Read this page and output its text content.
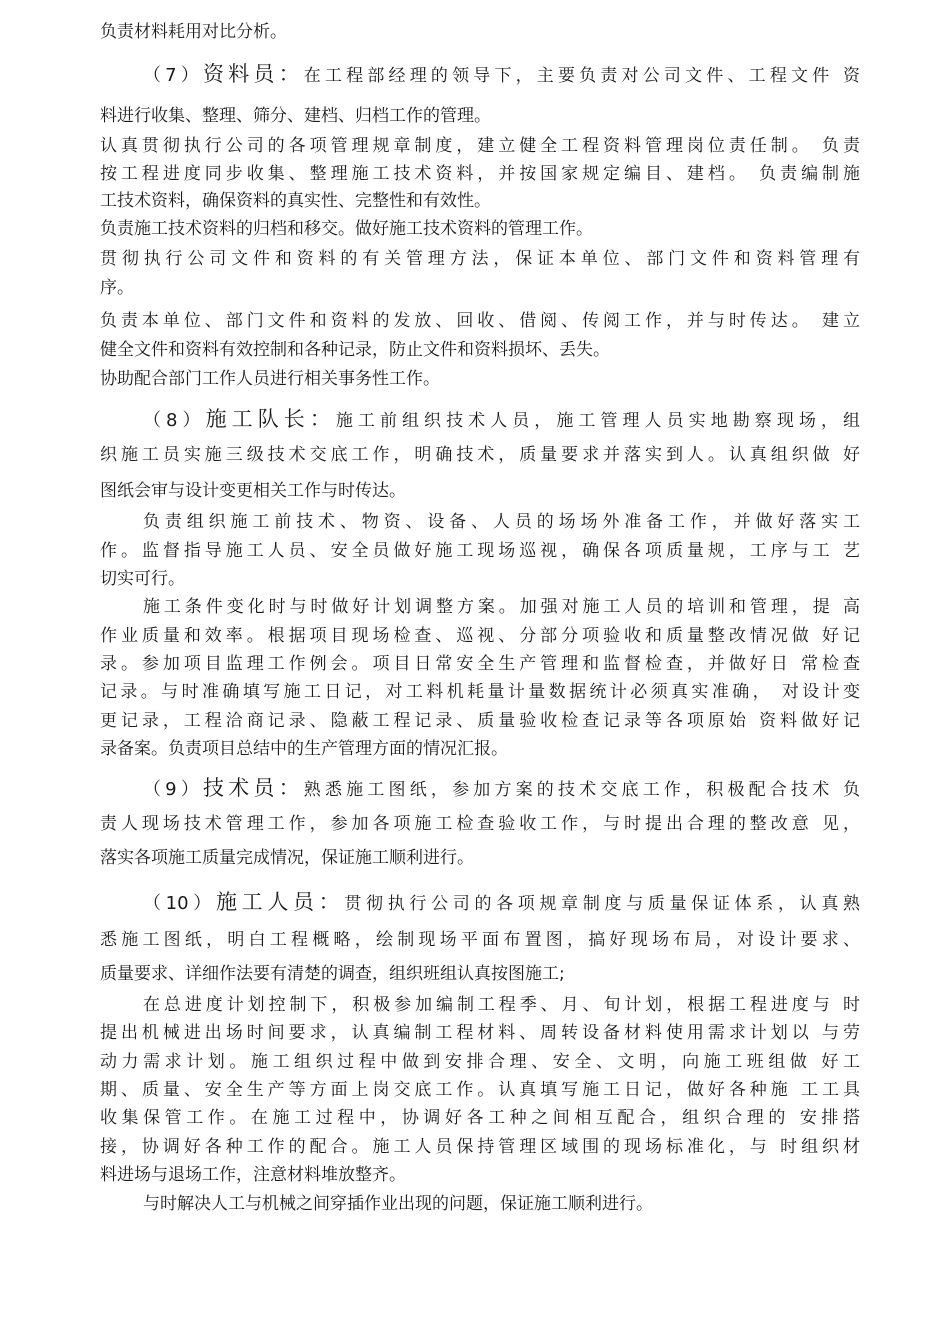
负责材料耗用对比分析。
（7）资料员：在工程部经理的领导下，主要负责对公司文件、工程文件 资
料进行收集、整理、筛分、建档、归档工作的管理。
认真贯彻执行公司的各项管理规章制度，建立健全工程资料管理岗位责任制。 负责
按工程进度同步收集、整理施工技术资料，并按国家规定编目、建档。 负责编制施
工技术资料，确保资料的真实性、完整性和有效性。
负责施工技术资料的归档和移交。做好施工技术资料的管理工作。
贯彻执行公司文件和资料的有关管理方法，保证本单位、部门文件和资料管理有
序。
负责本单位、部门文件和资料的发放、回收、借阅、传阅工作，并与时传达。 建立
健全文件和资料有效控制和各种记录，防止文件和资料损坏、丢失。
协助配合部门工作人员进行相关事务性工作。
（8）施工队长：施工前组织技术人员，施工管理人员实地勘察现场，组
织施工员实施三级技术交底工作，明确技术，质量要求并落实到人。认真组织做 好
图纸会审与设计变更相关工作与时传达。
负责组织施工前技术、物资、设备、人员的场场外准备工作，并做好落实工
作。监督指导施工人员、安全员做好施工现场巡视，确保各项质量规，工序与工 艺
切实可行。
施工条件变化时与时做好计划调整方案。加强对施工人员的培训和管理，提 高
作业质量和效率。根据项目现场检查、巡视、分部分项验收和质量整改情况做 好记
录。参加项目监理工作例会。项目日常安全生产管理和监督检查，并做好日 常检查
记录。与时准确填写施工日记，对工料机耗量计量数据统计必须真实准确， 对设计变
更记录，工程洽商记录、隐蔽工程记录、质量验收检查记录等各项原始 资料做好记
录备案。负责项目总结中的生产管理方面的情况汇报。
（9）技术员：熟悉施工图纸，参加方案的技术交底工作，积极配合技术 负
责人现场技术管理工作，参加各项施工检查验收工作，与时提出合理的整改意 见，
落实各项施工质量完成情况，保证施工顺利进行。
（10）施工人员：贯彻执行公司的各项规章制度与质量保证体系，认真熟
悉施工图纸，明白工程概略，绘制现场平面布置图，搞好现场布局，对设计要求、
质量要求、详细作法要有清楚的调查，组织班组认真按图施工;
在总进度计划控制下，积极参加编制工程季、月、旬计划，根据工程进度与 时
提出机械进出场时间要求，认真编制工程材料、周转设备材料使用需求计划以 与劳
动力需求计划。施工组织过程中做到安排合理、安全、文明，向施工班组做 好工
期、质量、安全生产等方面上岗交底工作。认真填写施工日记，做好各种施 工工具
收集保管工作。在施工过程中，协调好各工种之间相互配合，组织合理的 安排搭
接，协调好各种工作的配合。施工人员保持管理区域围的现场标准化，与 时组织材
料进场与退场工作，注意材料堆放整齐。
与时解决人工与机械之间穿插作业出现的问题，保证施工顺利进行。
